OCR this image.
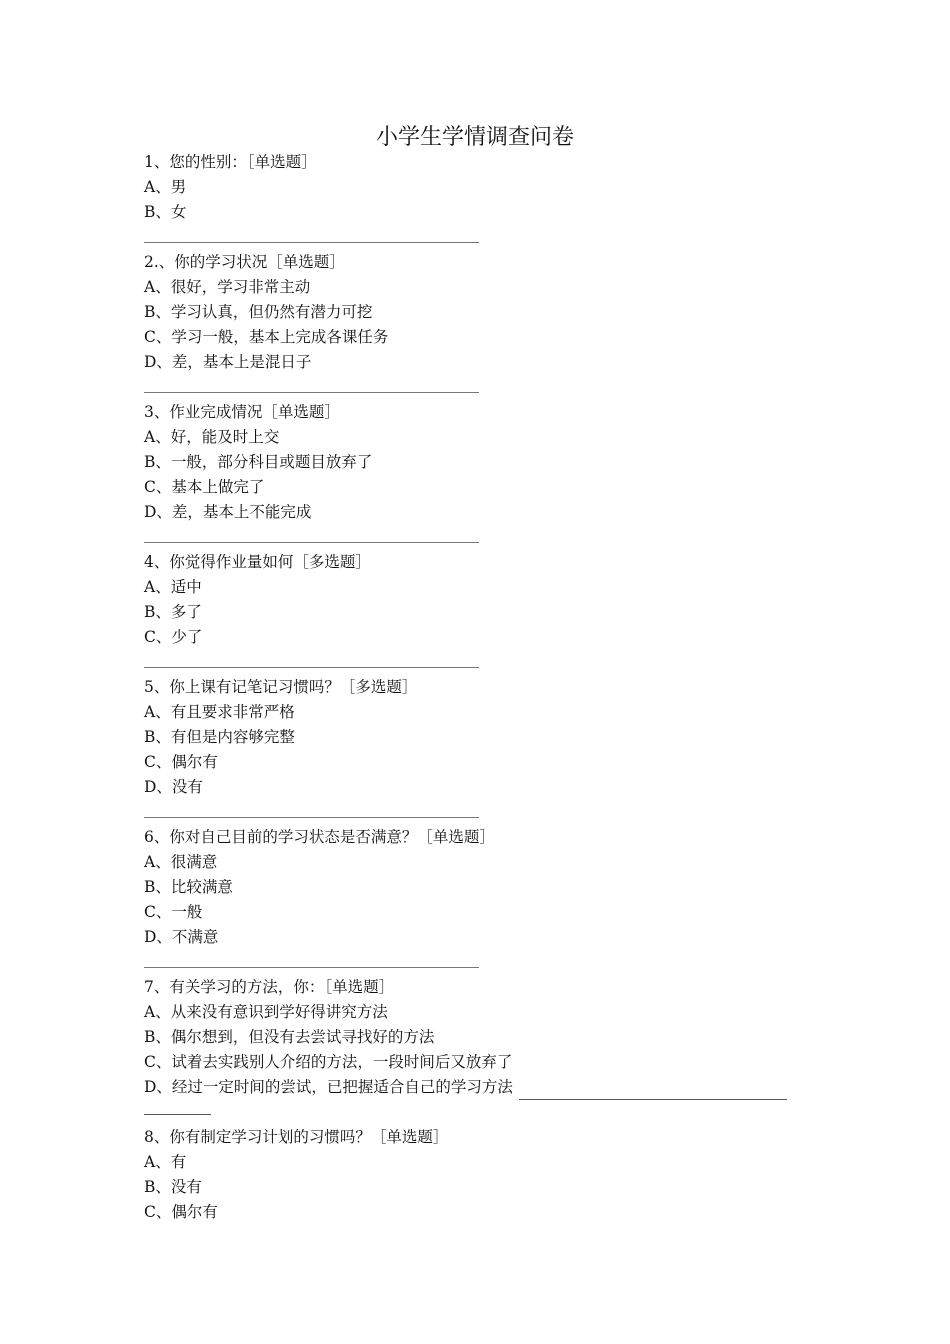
小学生学情调查问卷
1、您的性别：［单选题］
A、男
B、女
2.、你的学习状况［单选题］
A、很好，学习非常主动
B、学习认真，但仍然有潜力可挖
C、学习一般，基本上完成各课任务
D、差，基本上是混日子
3、作业完成情况［单选题］
A、好，能及时上交
B、一般，部分科目或题目放弃了
C、基本上做完了
D、差，基本上不能完成
4、你觉得作业量如何［多选题］
A、适中
B、多了
C、少了
5、你上课有记笔记习惯吗？［多选题］
A、有且要求非常严格
B、有但是内容够完整
C、偶尔有
D、没有
6、你对自己目前的学习状态是否满意？［单选题］
A、很满意
B、比较满意
C、一般
D、不满意
7、有关学习的方法，你：［单选题］
A、从来没有意识到学好得讲究方法
B、偶尔想到，但没有去尝试寻找好的方法
C、试着去实践别人介绍的方法，一段时间后又放弃了
D、经过一定时间的尝试，已把握适合自己的学习方法
8、你有制定学习计划的习惯吗？［单选题］
A、有
B、没有
C、偶尔有
